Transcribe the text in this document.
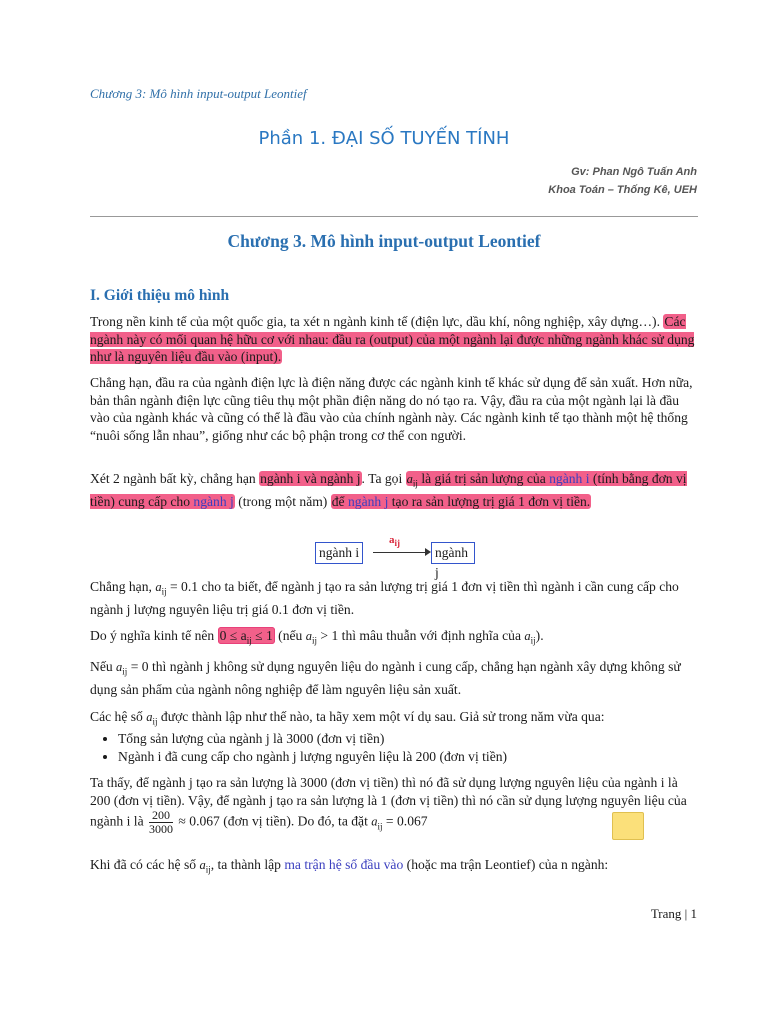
Chương 3: Mô hình input-output Leontief
Phần 1. ĐẠI SỐ TUYẾN TÍNH
Gv: Phan Ngô Tuấn Anh
Khoa Toán – Thống Kê, UEH
Chương 3. Mô hình input-output Leontief
I. Giới thiệu mô hình
Trong nền kinh tế của một quốc gia, ta xét n ngành kinh tế (điện lực, dầu khí, nông nghiệp, xây dựng…). Các ngành này có mối quan hệ hữu cơ với nhau: đầu ra (output) của một ngành lại được những ngành khác sử dụng như là nguyên liệu đầu vào (input).
Chẳng hạn, đầu ra của ngành điện lực là điện năng được các ngành kinh tế khác sử dụng để sản xuất. Hơn nữa, bản thân ngành điện lực cũng tiêu thụ một phần điện năng do nó tạo ra. Vậy, đầu ra của một ngành lại là đầu vào của ngành khác và cũng có thể là đầu vào của chính ngành này. Các ngành kinh tế tạo thành một hệ thống “nuôi sống lẫn nhau”, giống như các bộ phận trong cơ thể con người.
Xét 2 ngành bất kỳ, chẳng hạn ngành i và ngành j. Ta gọi $a_{ij}$ là giá trị sản lượng của ngành i (tính bằng đơn vị tiền) cung cấp cho ngành j (trong một năm) để ngành j tạo ra sản lượng trị giá 1 đơn vị tiền.
ngành i
$a_{ij}$
ngành j
Chẳng hạn, $a_{ij} = 0.1$ cho ta biết, để ngành j tạo ra sản lượng trị giá 1 đơn vị tiền thì ngành i cần cung cấp cho ngành j lượng nguyên liệu trị giá 0.1 đơn vị tiền.
Do ý nghĩa kinh tế nên $0 \le a_{ij} \le 1$ (nếu $a_{ij} > 1$ thì mâu thuẫn với định nghĩa của $a_{ij}$).
Nếu $a_{ij} = 0$ thì ngành j không sử dụng nguyên liệu do ngành i cung cấp, chẳng hạn ngành xây dựng không sử dụng sản phẩm của ngành nông nghiệp để làm nguyên liệu sản xuất.
Các hệ số $a_{ij}$ được thành lập như thế nào, ta hãy xem một ví dụ sau. Giả sử trong năm vừa qua:
• Tổng sản lượng của ngành j là 3000 (đơn vị tiền)
• Ngành i đã cung cấp cho ngành j lượng nguyên liệu là 200 (đơn vị tiền)
Ta thấy, để ngành j tạo ra sản lượng là 3000 (đơn vị tiền) thì nó đã sử dụng lượng nguyên liệu của ngành i là 200 (đơn vị tiền). Vậy, để ngành j tạo ra sản lượng là 1 (đơn vị tiền) thì nó cần sử dụng lượng nguyên liệu của ngành i là $\frac{200}{3000} \approx 0.067$ (đơn vị tiền). Do đó, ta đặt $a_{ij} = 0.067$
Khi đã có các hệ số $a_{ij}$, ta thành lập ma trận hệ số đầu vào (hoặc ma trận Leontief) của n ngành:
Trang | 1
